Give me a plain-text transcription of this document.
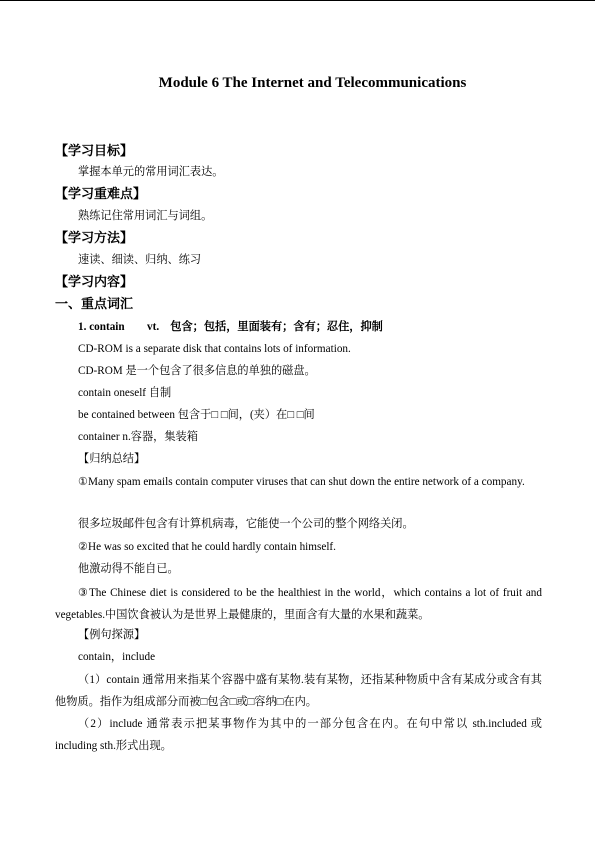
Module 6 The Internet and Telecommunications
【学习目标】
掌握本单元的常用词汇表达。
【学习重难点】
熟练记住常用词汇与词组。
【学习方法】
速读、细读、归纳、练习
【学习内容】
一、重点词汇
1. contain　　vt.　包含；包括，里面装有；含有；忍住，抑制
CD-ROM is a separate disk that contains lots of information.
CD-ROM 是一个包含了很多信息的单独的磁盘。
contain oneself 自制
be contained between 包含于□ □间，(夹）在□ □间
container n.容器，集装箱
【归纳总结】
①Many spam emails contain computer viruses that can shut down the entire network of a company.
很多垃圾邮件包含有计算机病毒，它能使一个公司的整个网络关闭。
②He was so excited that he could hardly contain himself.
他激动得不能自已。
③The Chinese diet is considered to be the healthiest in the world，which contains a lot of fruit and vegetables.中国饮食被认为是世界上最健康的，里面含有大量的水果和蔬菜。
【例句探源】
contain，include
（1）contain 通常用来指某个容器中盛有某物.装有某物，还指某种物质中含有某成分或含有其他物质。指作为组成部分而被□包含□或□容纳□在内。
（2）include 通常表示把某事物作为其中的一部分包含在内。在句中常以 sth.included 或 including sth.形式出现。
